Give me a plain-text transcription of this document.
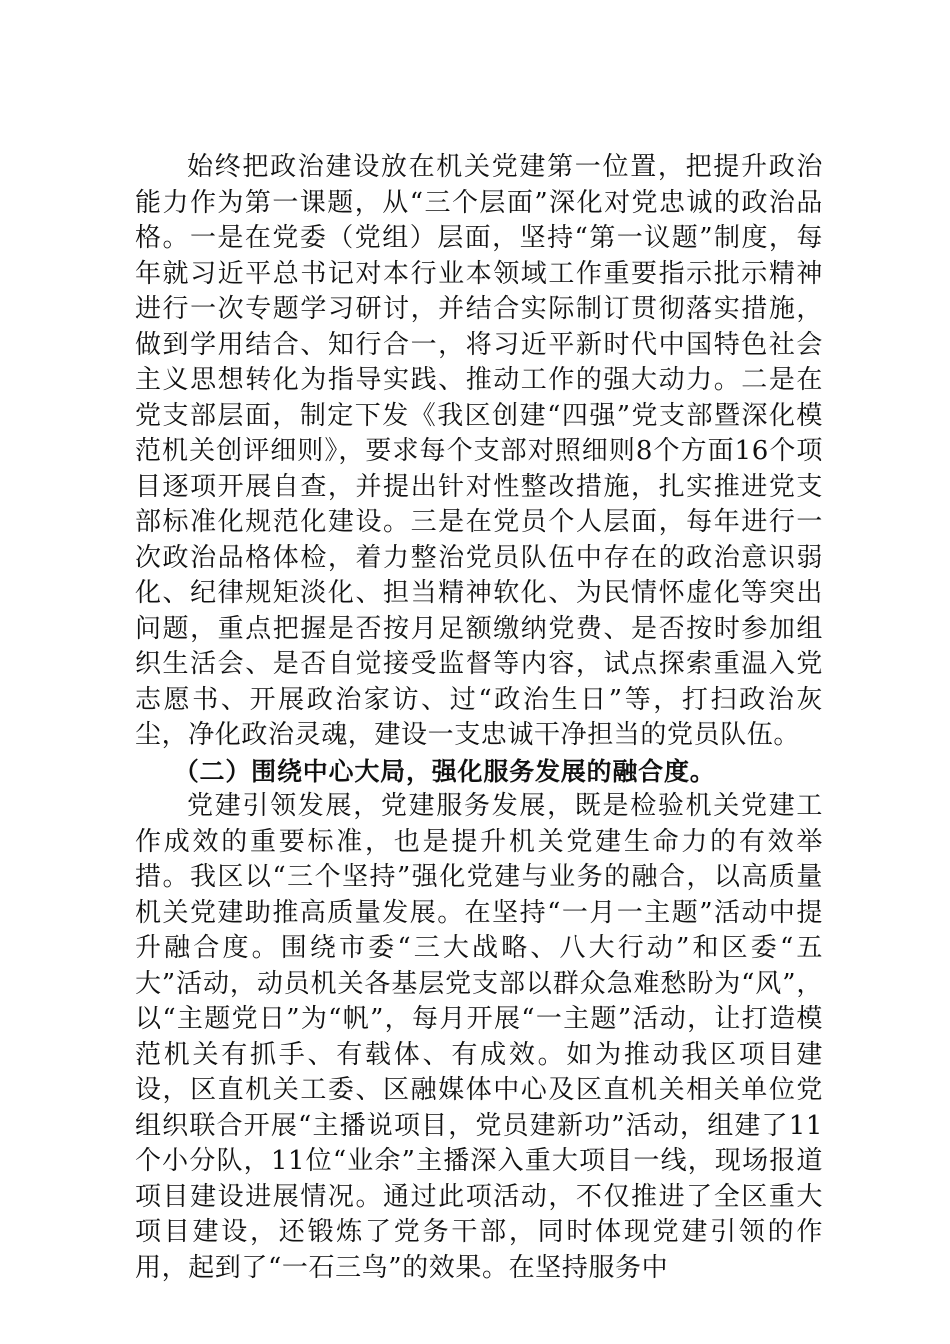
始终把政治建设放在机关党建第一位置，把提升政治能力作为第一课题，从“三个层面”深化对党忠诚的政治品格。一是在党委（党组）层面，坚持“第一议题”制度，每年就习近平总书记对本行业本领域工作重要指示批示精神进行一次专题学习研讨，并结合实际制订贯彻落实措施，做到学用结合、知行合一，将习近平新时代中国特色社会主义思想转化为指导实践、推动工作的强大动力。二是在党支部层面，制定下发《我区创建“四强”党支部暨深化模范机关创评细则》，要求每个支部对照细则8个方面16个项目逐项开展自查，并提出针对性整改措施，扎实推进党支部标准化规范化建设。三是在党员个人层面，每年进行一次政治品格体检，着力整治党员队伍中存在的政治意识弱化、纪律规矩淡化、担当精神软化、为民情怀虚化等突出问题，重点把握是否按月足额缴纳党费、是否按时参加组织生活会、是否自觉接受监督等内容，试点探索重温入党志愿书、开展政治家访、过“政治生日”等，打扫政治灰尘，净化政治灵魂，建设一支忠诚干净担当的党员队伍。

（二）围绕中心大局，强化服务发展的融合度。

党建引领发展，党建服务发展，既是检验机关党建工作成效的重要标准，也是提升机关党建生命力的有效举措。我区以“三个坚持”强化党建与业务的融合，以高质量机关党建助推高质量发展。在坚持“一月一主题”活动中提升融合度。围绕市委“三大战略、八大行动”和区委“五大”活动，动员机关各基层党支部以群众急难愁盼为“风”，以“主题党日”为“帆”，每月开展“一主题”活动，让打造模范机关有抓手、有载体、有成效。如为推动我区项目建设，区直机关工委、区融媒体中心及区直机关相关单位党组织联合开展“主播说项目，党员建新功”活动，组建了11个小分队，11位“业余”主播深入重大项目一线，现场报道项目建设进展情况。通过此项活动，不仅推进了全区重大项目建设，还锻炼了党务干部，同时体现党建引领的作用，起到了“一石三鸟”的效果。在坚持服务中
